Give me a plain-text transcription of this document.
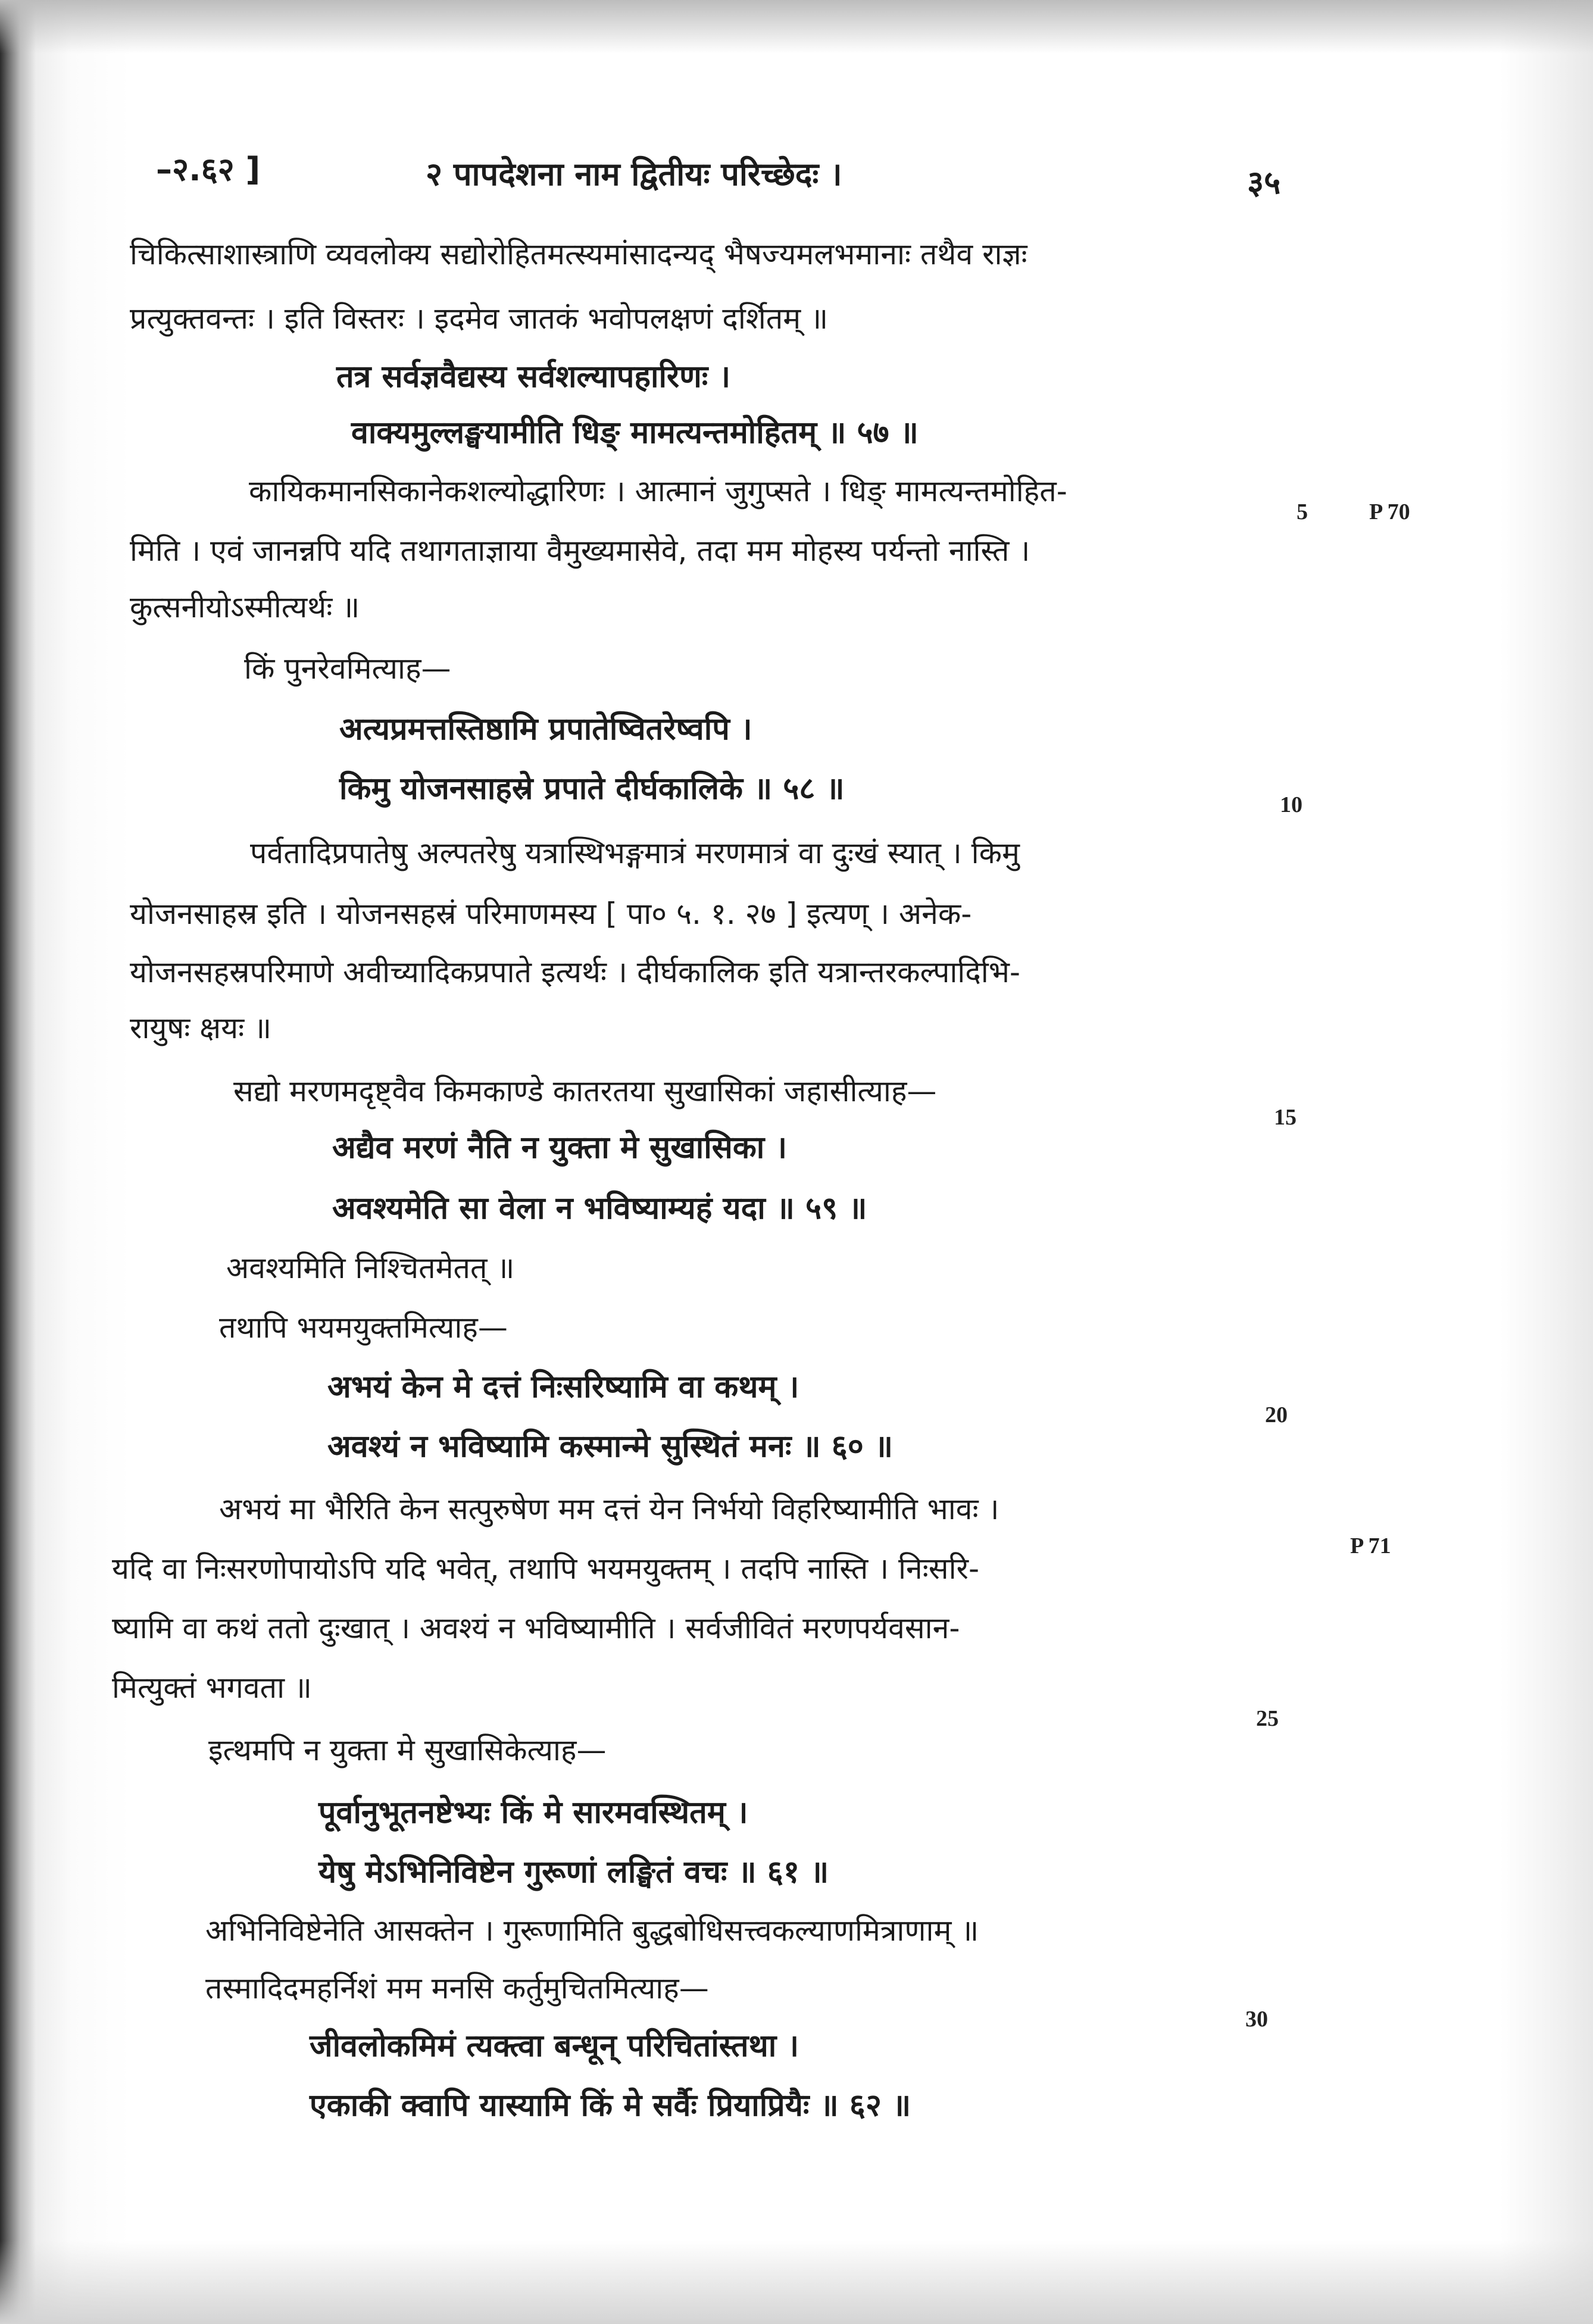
–२.६२ ]	२ पापदेशना नाम द्वितीयः परिच्छेदः ।	३५
चिकित्साशास्त्राणि व्यवलोक्य सद्योरोहितमत्स्यमांसादन्यद् भैषज्यमलभमानाः तथैव राज्ञः
प्रत्युक्तवन्तः । इति विस्तरः । इदमेव जातकं भवोपलक्षणं दर्शितम् ॥
तत्र सर्वज्ञवैद्यस्य सर्वशल्यापहारिणः ।
वाक्यमुल्लङ्घयामीति धिङ् मामत्यन्तमोहितम् ॥ ५७ ॥
कायिकमानसिकानेकशल्योद्धारिणः । आत्मानं जुगुप्सते । धिङ् मामत्यन्तमोहित-
मिति । एवं जानन्नपि यदि तथागताज्ञाया वैमुख्यमासेवे, तदा मम मोहस्य पर्यन्तो नास्ति ।
कुत्सनीयोऽस्मीत्यर्थः ॥
किं पुनरेवमित्याह—
अत्यप्रमत्तस्तिष्ठामि प्रपातेष्वितरेष्वपि ।
किमु योजनसाहस्रे प्रपाते दीर्घकालिके ॥ ५८ ॥
पर्वतादिप्रपातेषु अल्पतरेषु यत्रास्थिभङ्गमात्रं मरणमात्रं वा दुःखं स्यात् । किमु
योजनसाहस्र इति । योजनसहस्रं परिमाणमस्य [ पा० ५. १. २७ ] इत्यण् । अनेक-
योजनसहस्रपरिमाणे अवीच्यादिकप्रपाते इत्यर्थः । दीर्घकालिक इति यत्रान्तरकल्पादिभि-
रायुषः क्षयः ॥
सद्यो मरणमदृष्ट्वैव किमकाण्डे कातरतया सुखासिकां जहासीत्याह—
अद्यैव मरणं नैति न युक्ता मे सुखासिका ।
अवश्यमेति सा वेला न भविष्याम्यहं यदा ॥ ५९ ॥
अवश्यमिति निश्चितमेतत् ॥
तथापि भयमयुक्तमित्याह—
अभयं केन मे दत्तं निःसरिष्यामि वा कथम् ।
अवश्यं न भविष्यामि कस्मान्मे सुस्थितं मनः ॥ ६० ॥
अभयं मा भैरिति केन सत्पुरुषेण मम दत्तं येन निर्भयो विहरिष्यामीति भावः ।
यदि वा निःसरणोपायोऽपि यदि भवेत्, तथापि भयमयुक्तम् । तदपि नास्ति । निःसरि-
ष्यामि वा कथं ततो दुःखात् । अवश्यं न भविष्यामीति । सर्वजीवितं मरणपर्यवसान-
मित्युक्तं भगवता ॥
इत्थमपि न युक्ता मे सुखासिकेत्याह—
पूर्वानुभूतनष्टेभ्यः किं मे सारमवस्थितम् ।
येषु मेऽभिनिविष्टेन गुरूणां लङ्घितं वचः ॥ ६१ ॥
अभिनिविष्टेनेति आसक्तेन । गुरूणामिति बुद्धबोधिसत्त्वकल्याणमित्राणाम् ॥
तस्मादिदमहर्निशं मम मनसि कर्तुमुचितमित्याह—
जीवलोकमिमं त्यक्त्वा बन्धून् परिचितांस्तथा ।
एकाकी क्वापि यास्यामि किं मे सर्वैः प्रियाप्रियैः ॥ ६२ ॥
5	P 70
10
15
20
P 71
25
30
